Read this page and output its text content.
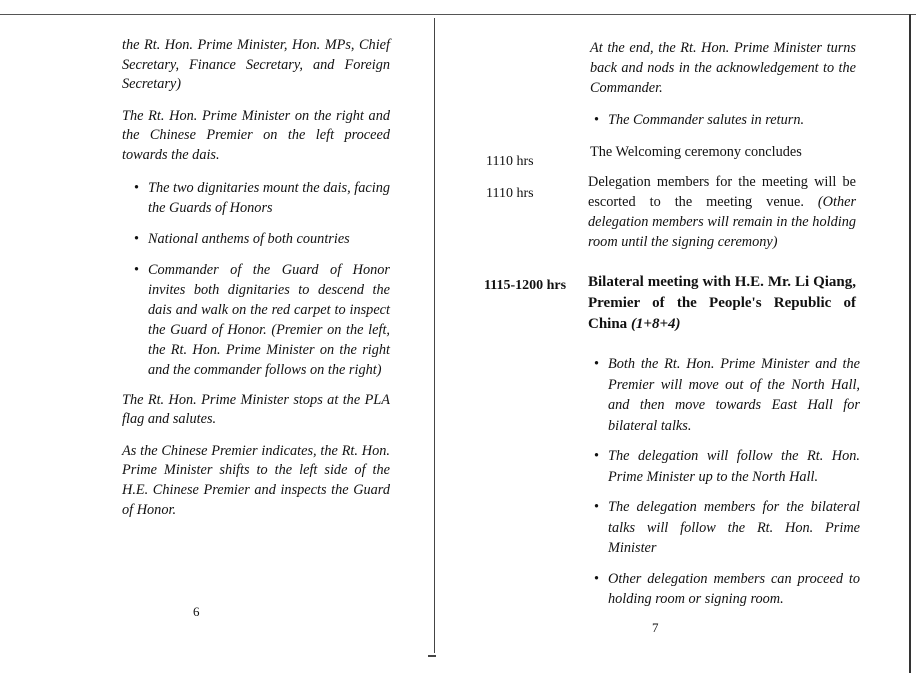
the Rt. Hon. Prime Minister, Hon. MPs, Chief Secretary, Finance Secretary, and Foreign Secretary)

The Rt. Hon. Prime Minister on the right and the Chinese Premier on the left proceed towards the dais.

• The two dignitaries mount the dais, facing the Guards of Honors
• National anthems of both countries
• Commander of the Guard of Honor invites both dignitaries to descend the dais and walk on the red carpet to inspect the Guard of Honor. (Premier on the left, the Rt. Hon. Prime Minister on the right and the commander follows on the right)

The Rt. Hon. Prime Minister stops at the PLA flag and salutes.

As the Chinese Premier indicates, the Rt. Hon. Prime Minister shifts to the left side of the H.E. Chinese Premier and inspects the Guard of Honor.

6
At the end, the Rt. Hon. Prime Minister turns back and nods in the acknowledgement to the Commander.
• The Commander salutes in return.
1110 hrs
The Welcoming ceremony concludes
1110 hrs
Delegation members for the meeting will be escorted to the meeting venue. (Other delegation members will remain in the holding room until the signing ceremony)
1115-1200 hrs Bilateral meeting with H.E. Mr. Li Qiang, Premier of the People's Republic of China (1+8+4)
• Both the Rt. Hon. Prime Minister and the Premier will move out of the North Hall, and then move towards East Hall for bilateral talks.
• The delegation will follow the Rt. Hon. Prime Minister up to the North Hall.
• The delegation members for the bilateral talks will follow the Rt. Hon. Prime Minister
• Other delegation members can proceed to holding room or signing room.
7
